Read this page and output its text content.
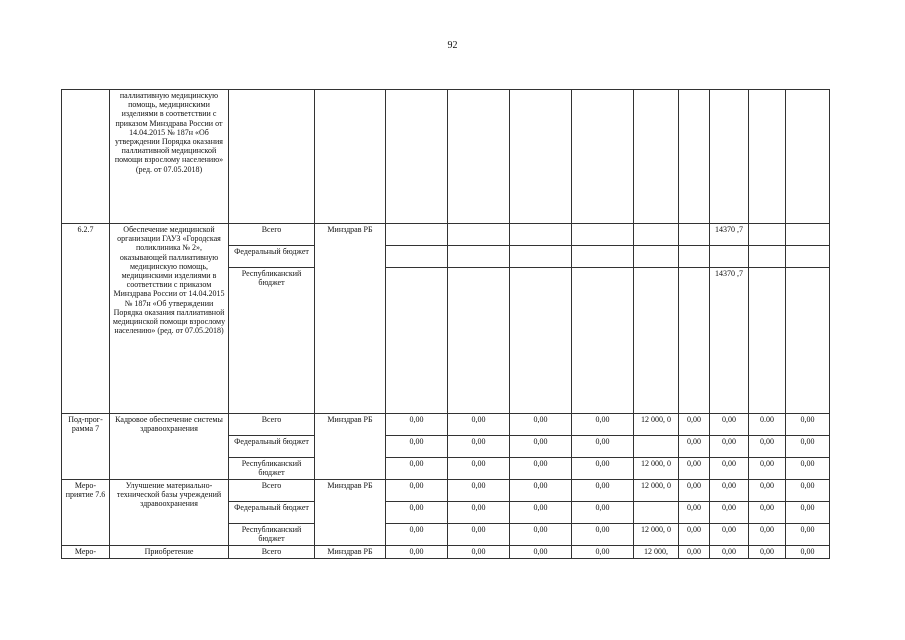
92
	паллиативную медицинскую помощь, медицинскими изделиями в соответствии с приказом Минздрава России от 14.04.2015 № 187н «Об утверждении Порядка оказания паллиативной медицинской помощи взрослому населению» (ред. от 07.05.2018)											
6.2.7	Обеспечение медицинской организации ГАУЗ «Городская поликлиника № 2», оказывающей паллиативную медицинскую помощь, медицинскими изделиями в соответствии с приказом Минздрава России от 14.04.2015 № 187н «Об утверждении Порядка оказания паллиативной медицинской помощи взрослому населению» (ред. от 07.05.2018)	Всего	Минздрав РБ							14370 ,7		
		Федеральный бюджет										
		Республиканский бюджет								14370 ,7		
Под-прог-рамма 7	Кадровое обеспечение системы здравоохранения	Всего	Минздрав РБ	0,00	0,00	0,00	0,00	12 000, 0	0,00	0,00	0.00	0,00
		Федеральный бюджет		0,00	0,00	0,00	0,00		0,00	0,00	0,00	0,00
		Республиканский бюджет		0,00	0,00	0,00	0,00	12 000, 0	0,00	0,00	0,00	0,00
Меро-приятие 7.6	Улучшение материально-технической базы учреждений здравоохранения	Всего	Минздрав РБ	0,00	0,00	0,00	0,00	12 000, 0	0,00	0,00	0,00	0,00
		Федеральный бюджет		0,00	0,00	0,00	0,00		0,00	0,00	0,00	0,00
		Республиканский бюджет		0,00	0,00	0,00	0,00	12 000, 0	0,00	0,00	0,00	0,00
Меро-	Приобретение	Всего	Минздрав РБ	0,00	0,00	0,00	0,00	12 000,	0,00	0,00	0,00	0,00
